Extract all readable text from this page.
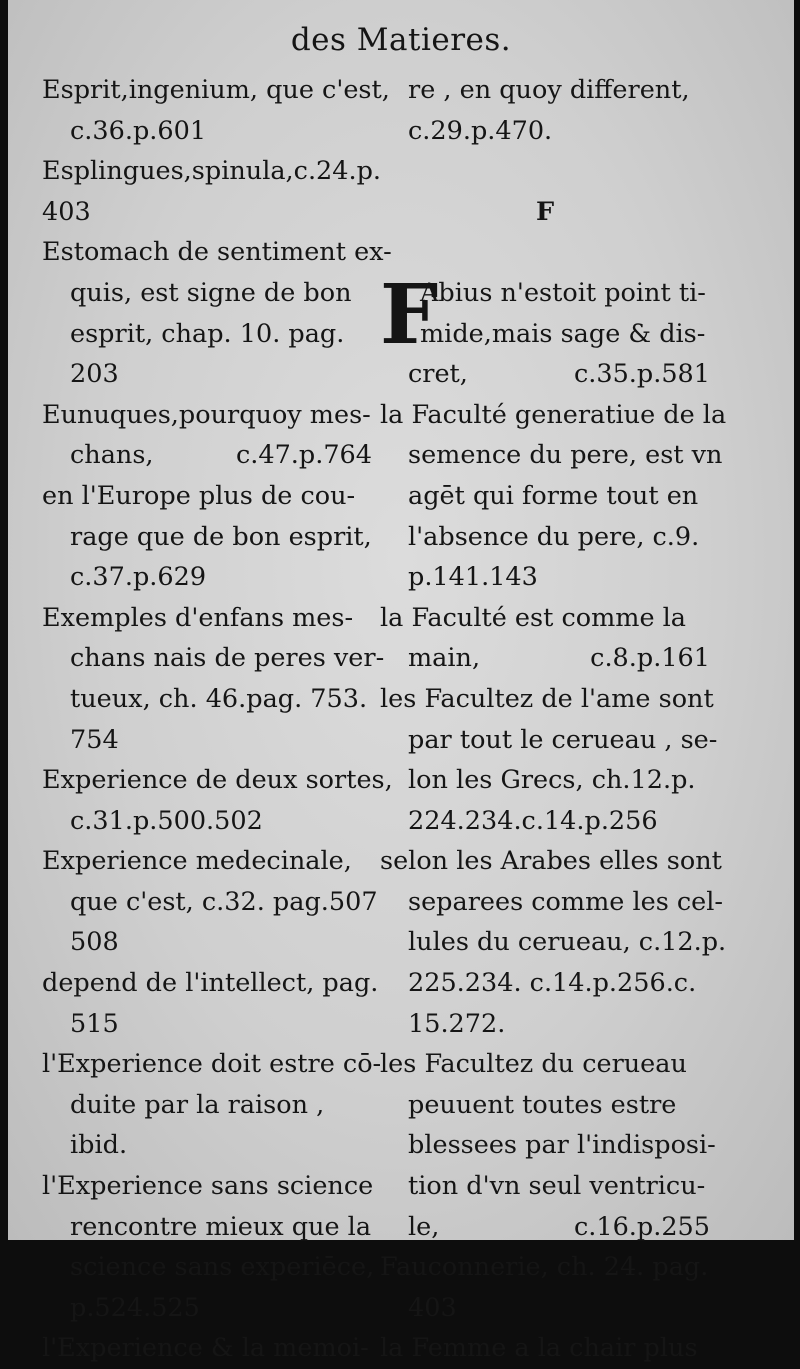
des Matieres.
Esprit,ingenium, que c'est,
c.36.p.601
Esplingues,spinula,c.24.p.
403
Estomach de sentiment ex-
quis, est signe de bon
esprit, chap. 10. pag.
203
Eunuques,pourquoy mes-
chans,	c.47.p.764
en l'Europe plus de cou-
rage que de bon esprit,
c.37.p.629
Exemples d'enfans mes-
chans nais de peres ver-
tueux, ch. 46.pag. 753.
754
Experience de deux sortes,
c.31.p.500.502
Experience medecinale,
que c'est, c.32. pag.507
508
depend de l'intellect, pag.
515
l'Experience doit estre cō-
duite par la raison ,
ibid.
l'Experience sans science
rencontre mieux que la
science sans experiēce,
p.524.525
l'Experience & la memoi-
re , en quoy different,
c.29.p.470.
F
F
Abius n'estoit point ti-
mide,mais sage & dis-
cret,	c.35.p.581
la Faculté generatiue de la
semence du pere, est vn
agēt qui forme tout en
l'absence du pere, c.9.
p.141.143
la Faculté est comme la
main,	c.8.p.161
les Facultez de l'ame sont
par tout le cerueau , se-
lon les Grecs, ch.12.p.
224.234.c.14.p.256
selon les Arabes elles sont
separees comme les cel-
lules du cerueau, c.12.p.
225.234. c.14.p.256.c.
15.272.
les Facultez du cerueau
peuuent toutes estre
blessees par l'indisposi-
tion d'vn seul ventricu-
le,	c.16.p.255
Fauconnerie, ch. 24. pag.
403
la Femme a la chair plus
